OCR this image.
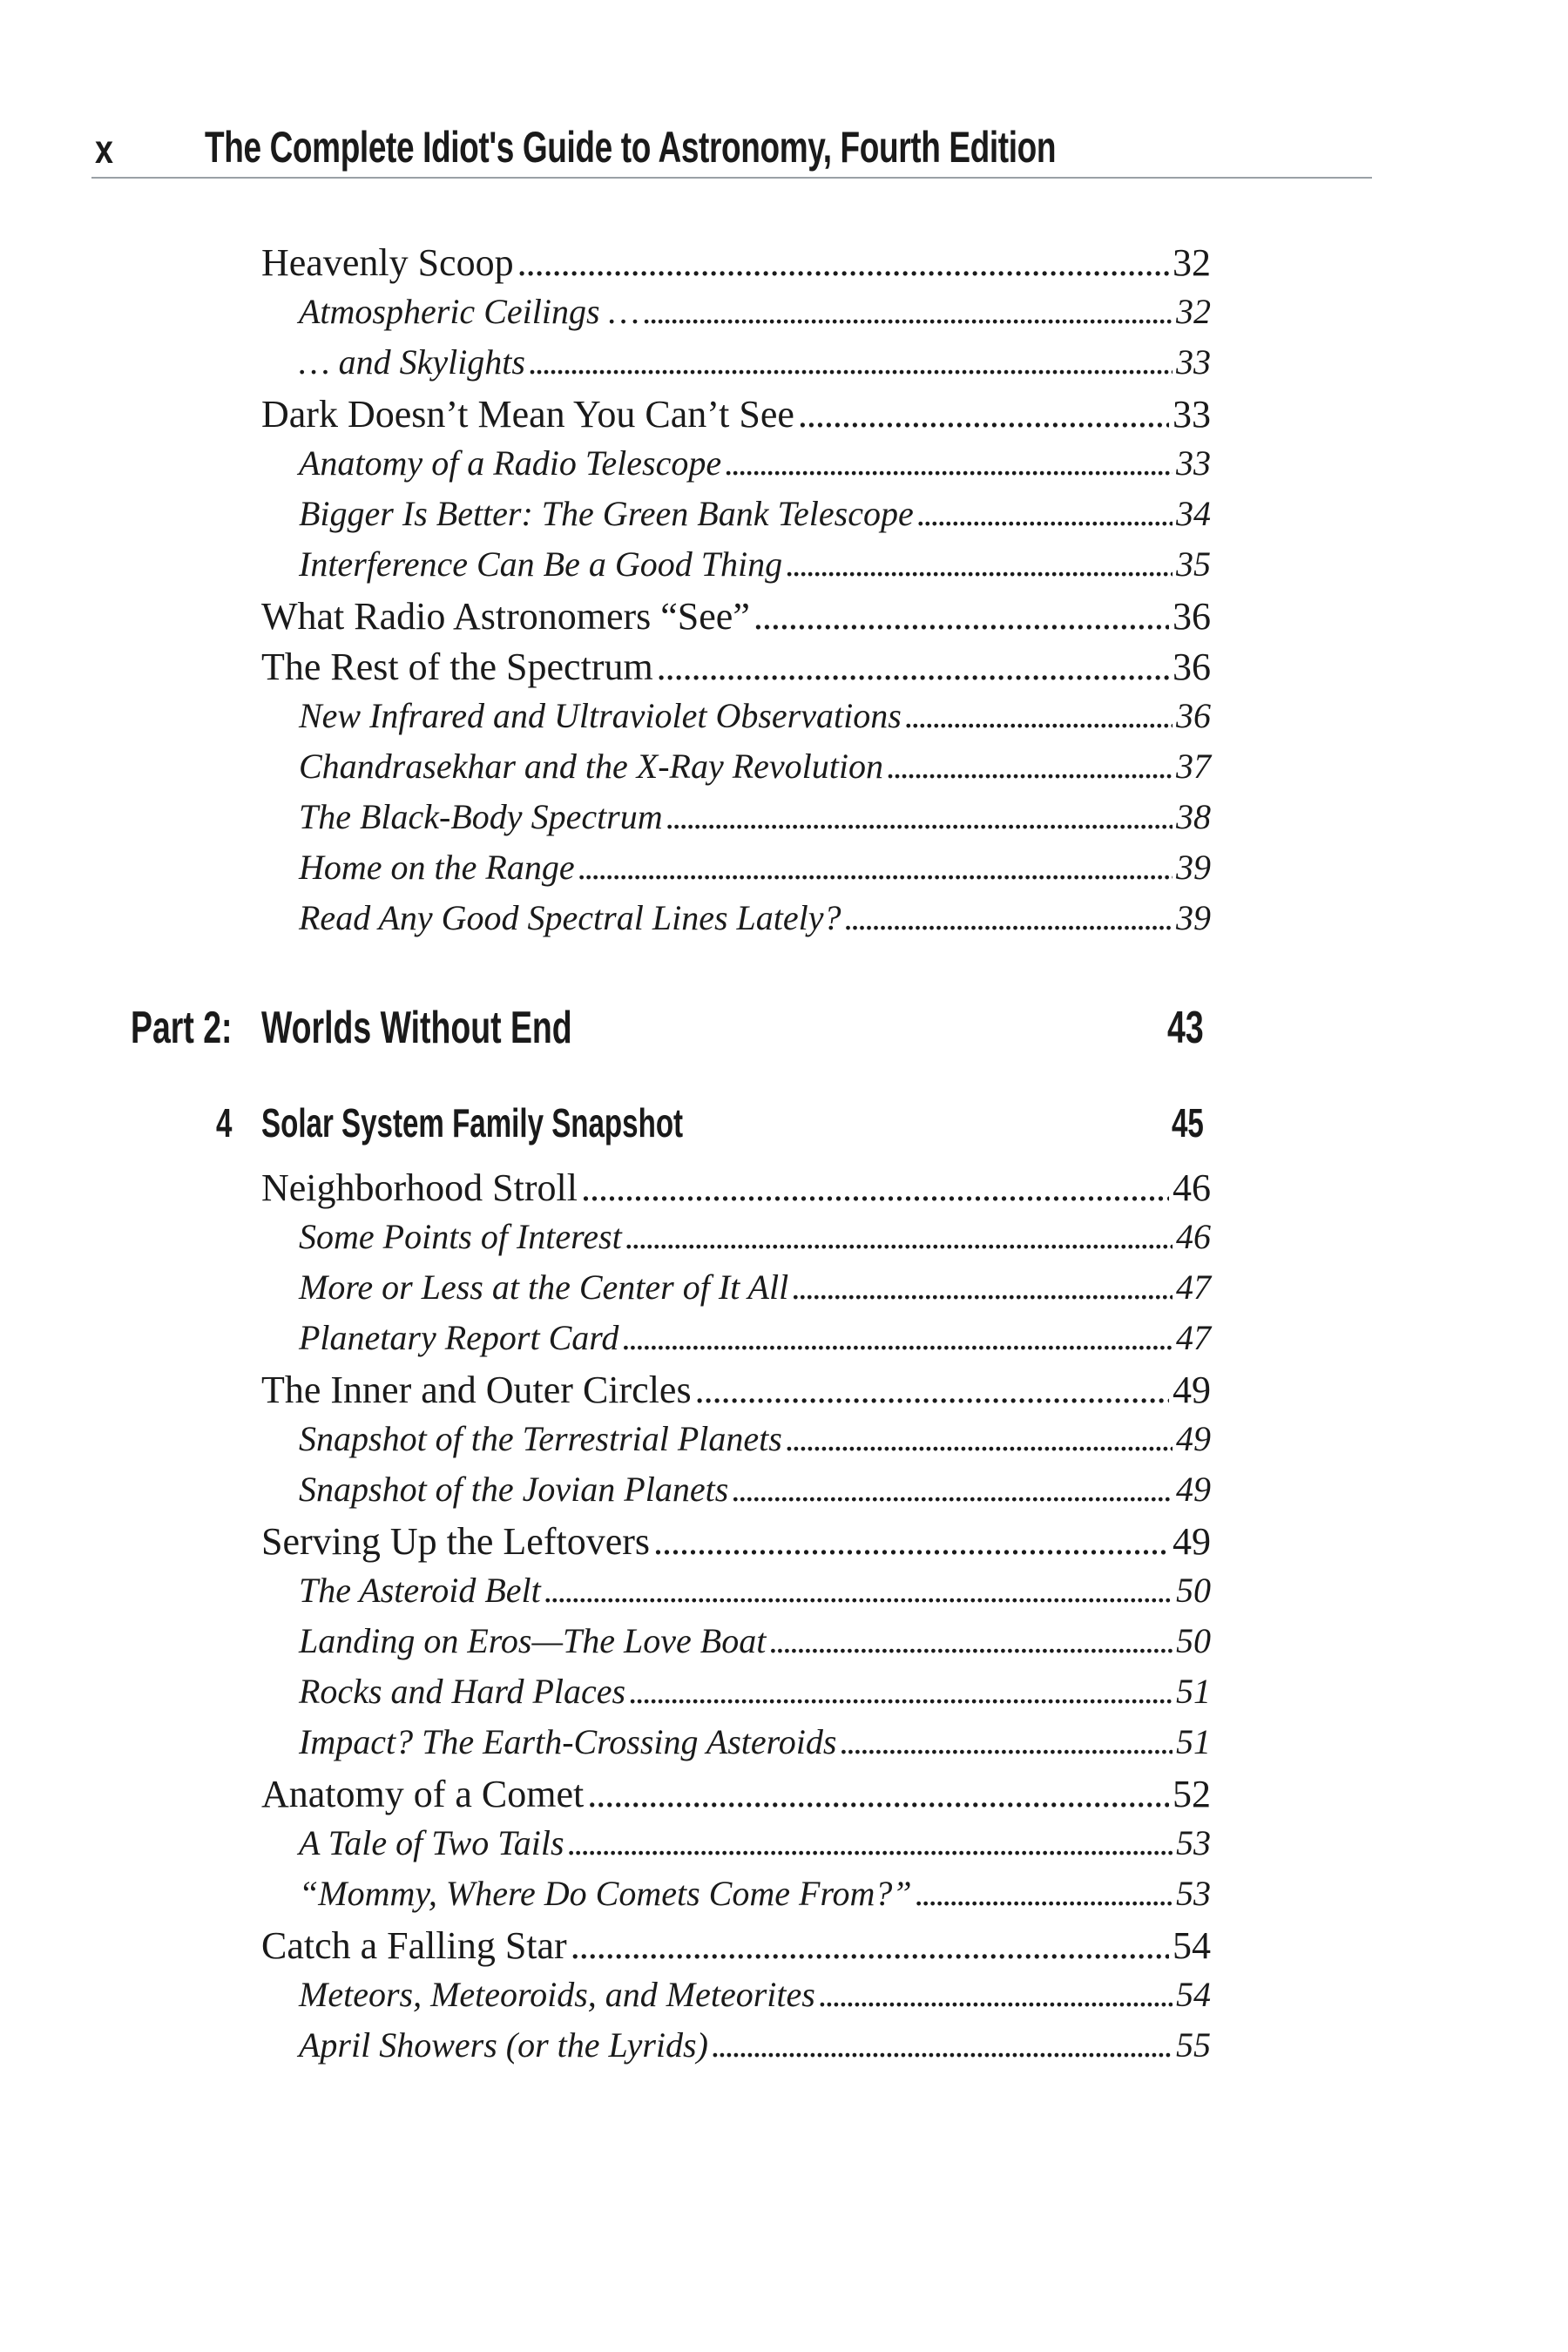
x The Complete Idiot's Guide to Astronomy, Fourth Edition
Heavenly Scoop . . .	32
Atmospheric Ceilings … . . .	32
… and Skylights . . .	33
Dark Doesn’t Mean You Can’t See . . .	33
Anatomy of a Radio Telescope . . .	33
Bigger Is Better: The Green Bank Telescope . . .	34
Interference Can Be a Good Thing . . .	35
What Radio Astronomers “See” . . .	36
The Rest of the Spectrum . . .	36
New Infrared and Ultraviolet Observations . . .	36
Chandrasekhar and the X-Ray Revolution . . .	37
The Black-Body Spectrum . . .	38
Home on the Range . . .	39
Read Any Good Spectral Lines Lately? . . .	39
Part 2: Worlds Without End	43
4 Solar System Family Snapshot	45
Neighborhood Stroll . . .	46
Some Points of Interest . . .	46
More or Less at the Center of It All . . .	47
Planetary Report Card . . .	47
The Inner and Outer Circles . . .	49
Snapshot of the Terrestrial Planets . . .	49
Snapshot of the Jovian Planets . . .	49
Serving Up the Leftovers . . .	49
The Asteroid Belt . . .	50
Landing on Eros—The Love Boat . . .	50
Rocks and Hard Places . . .	51
Impact? The Earth-Crossing Asteroids . . .	51
Anatomy of a Comet . . .	52
A Tale of Two Tails . . .	53
“Mommy, Where Do Comets Come From?” . . .	53
Catch a Falling Star . . .	54
Meteors, Meteoroids, and Meteorites . . .	54
April Showers (or the Lyrids) . . .	55
